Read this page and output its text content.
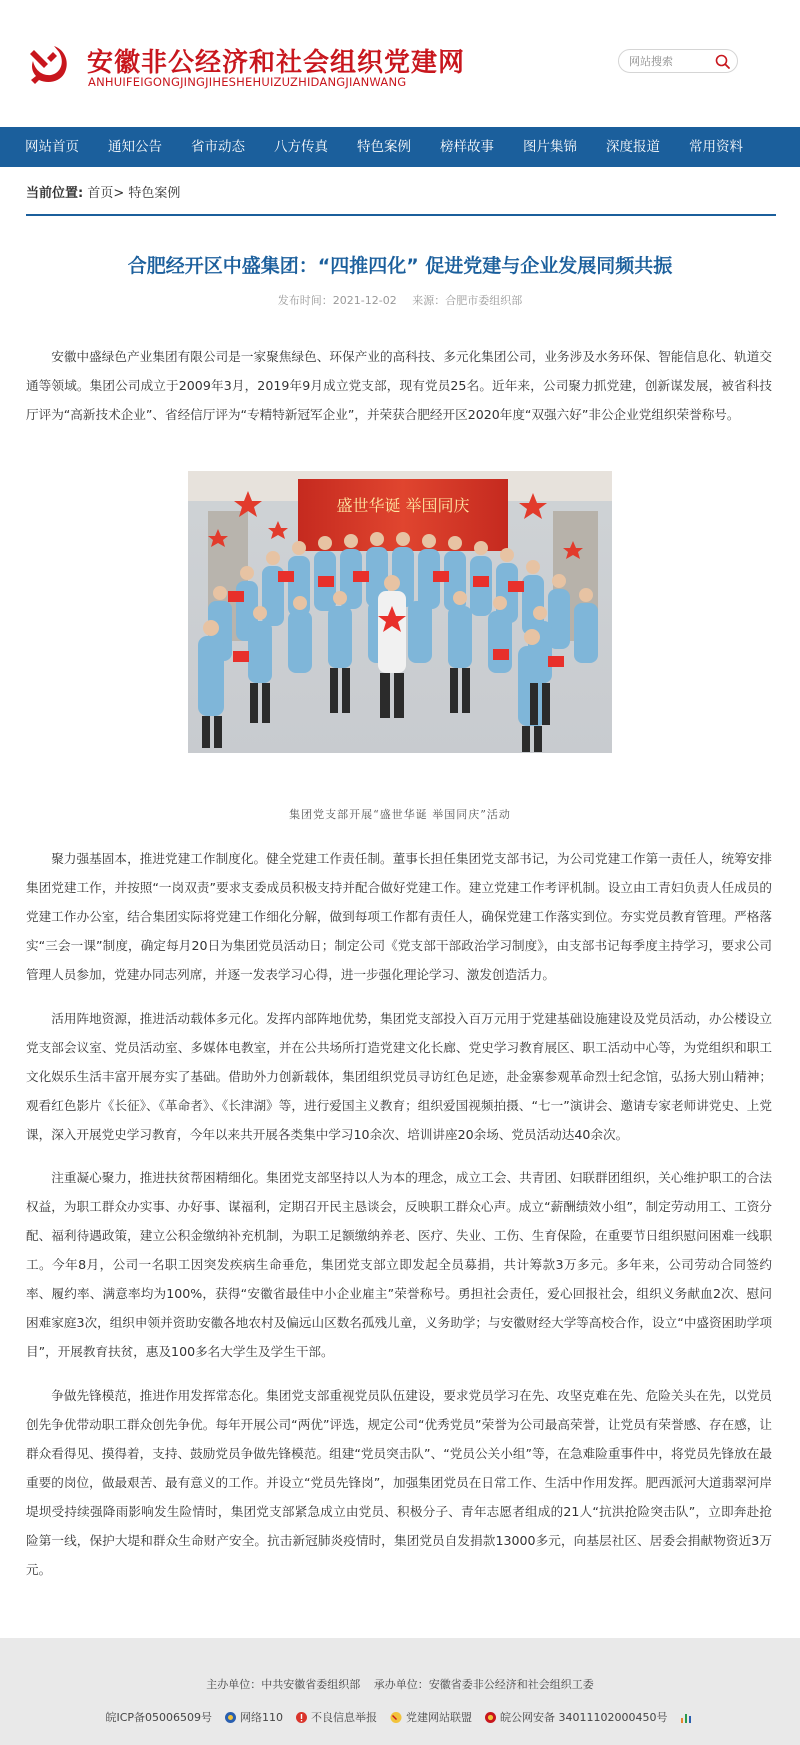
安徽非公经济和社会组织党建网
ANHUIFEIGONGJINGJIHESHEHUIZUZHIDANGJIANWANG
网站搜索
网站首页 通知公告 省市动态 八方传真 特色案例 榜样故事 图片集锦 深度报道 常用资料
当前位置: 首页> 特色案例
合肥经开区中盛集团：“四推四化” 促进党建与企业发展同频共振
发布时间：2021-12-02 来源：合肥市委组织部

安徽中盛绿色产业集团有限公司是一家聚焦绿色、环保产业的高科技、多元化集团公司，业务涉及水务环保、智能信息化、轨道交通等领域。集团公司成立于2009年3月，2019年9月成立党支部，现有党员25名。近年来，公司聚力抓党建，创新谋发展，被省科技厅评为“高新技术企业”、省经信厅评为“专精特新冠军企业”，并荣获合肥经开区2020年度“双强六好”非公企业党组织荣誉称号。

盛世华诞 举国同庆
集团党支部开展“盛世华诞 举国同庆”活动

聚力强基固本，推进党建工作制度化。健全党建工作责任制。董事长担任集团党支部书记，为公司党建工作第一责任人，统筹安排集团党建工作，并按照“一岗双责”要求支委成员积极支持并配合做好党建工作。建立党建工作考评机制。设立由工青妇负责人任成员的党建工作办公室，结合集团实际将党建工作细化分解，做到每项工作都有责任人，确保党建工作落实到位。夯实党员教育管理。严格落实“三会一课”制度，确定每月20日为集团党员活动日；制定公司《党支部干部政治学习制度》，由支部书记每季度主持学习，要求公司管理人员参加，党建办同志列席，并逐一发表学习心得，进一步强化理论学习、激发创造活力。

活用阵地资源，推进活动载体多元化。发挥内部阵地优势，集团党支部投入百万元用于党建基础设施建设及党员活动，办公楼设立党支部会议室、党员活动室、多媒体电教室，并在公共场所打造党建文化长廊、党史学习教育展区、职工活动中心等，为党组织和职工文化娱乐生活丰富开展夯实了基础。借助外力创新载体，集团组织党员寻访红色足迹，赴金寨参观革命烈士纪念馆，弘扬大别山精神；观看红色影片《长征》、《革命者》、《长津湖》等，进行爱国主义教育；组织爱国视频拍摄、“七一”演讲会、邀请专家老师讲党史、上党课，深入开展党史学习教育，今年以来共开展各类集中学习10余次、培训讲座20余场、党员活动达40余次。

注重凝心聚力，推进扶贫帮困精细化。集团党支部坚持以人为本的理念，成立工会、共青团、妇联群团组织，关心维护职工的合法权益，为职工群众办实事、办好事、谋福利，定期召开民主恳谈会，反映职工群众心声。成立“薪酬绩效小组”，制定劳动用工、工资分配、福利待遇政策，建立公积金缴纳补充机制，为职工足额缴纳养老、医疗、失业、工伤、生育保险，在重要节日组织慰问困难一线职工。今年8月，公司一名职工因突发疾病生命垂危，集团党支部立即发起全员募捐，共计筹款3万多元。多年来，公司劳动合同签约率、履约率、满意率均为100%，获得“安徽省最佳中小企业雇主”荣誉称号。勇担社会责任，爱心回报社会，组织义务献血2次、慰问困难家庭3次，组织申领并资助安徽各地农村及偏远山区数名孤残儿童，义务助学；与安徽财经大学等高校合作，设立“中盛资困助学项目”，开展教育扶贫，惠及100多名大学生及学生干部。

争做先锋模范，推进作用发挥常态化。集团党支部重视党员队伍建设，要求党员学习在先、攻坚克难在先、危险关头在先，以党员创先争优带动职工群众创先争优。每年开展公司“两优”评选，规定公司“优秀党员”荣誉为公司最高荣誉，让党员有荣誉感、存在感，让群众看得见、摸得着，支持、鼓励党员争做先锋模范。组建“党员突击队”、“党员公关小组”等，在急难险重事件中，将党员先锋放在最重要的岗位，做最艰苦、最有意义的工作。并设立“党员先锋岗”，加强集团党员在日常工作、生活中作用发挥。肥西派河大道翡翠河岸堤坝受持续强降雨影响发生险情时，集团党支部紧急成立由党员、积极分子、青年志愿者组成的21人“抗洪抢险突击队”，立即奔赴抢险第一线，保护大堤和群众生命财产安全。抗击新冠肺炎疫情时，集团党员自发捐款13000多元，向基层社区、居委会捐献物资近3万元。

主办单位：中共安徽省委组织部 承办单位：安徽省委非公经济和社会组织工委
皖ICP备05006509号	网络110	不良信息举报	党建网站联盟	皖公网安备 34011102000450号
